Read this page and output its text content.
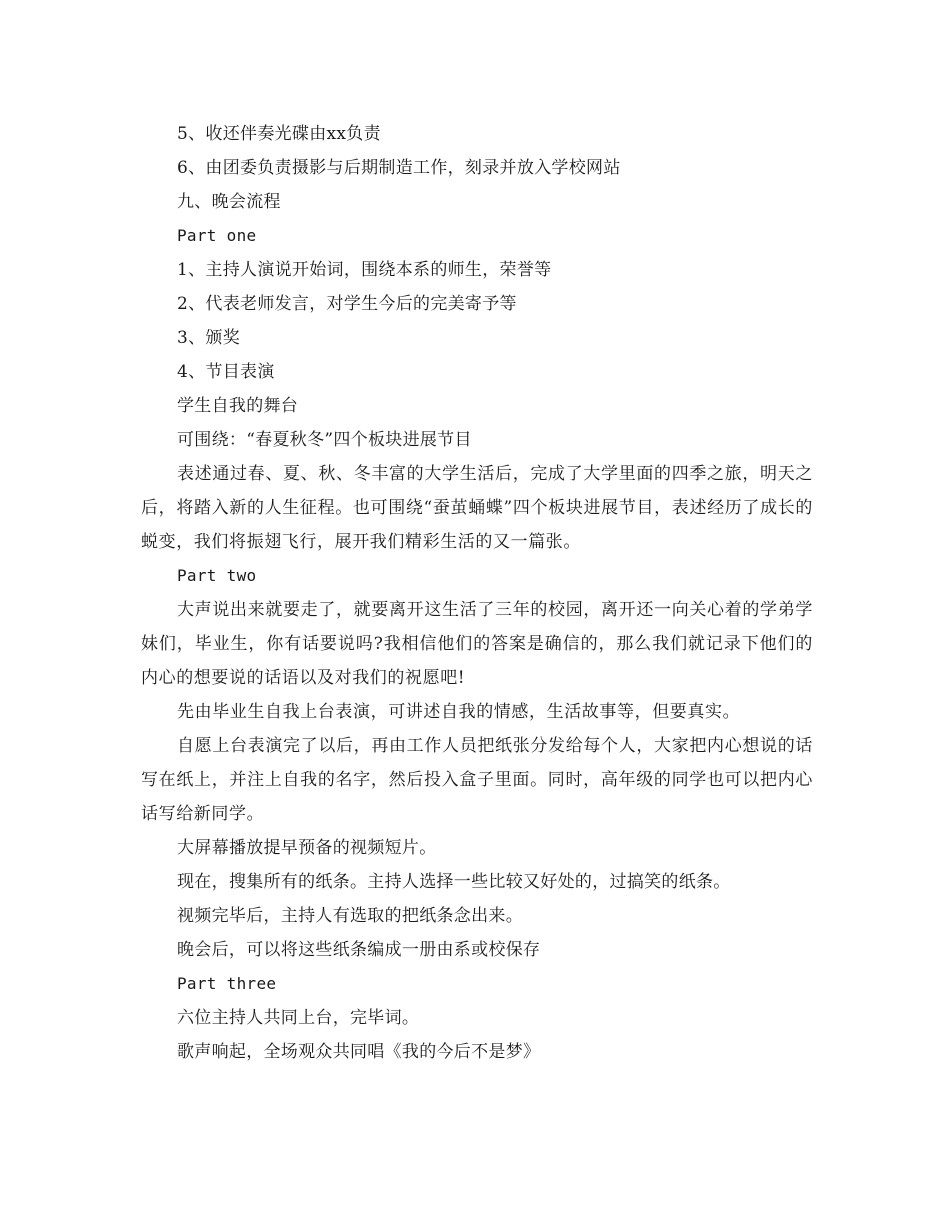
5、收还伴奏光碟由xx负责
6、由团委负责摄影与后期制造工作，刻录并放入学校网站
九、晚会流程
Part one
1、主持人演说开始词，围绕本系的师生，荣誉等
2、代表老师发言，对学生今后的完美寄予等
3、颁奖
4、节目表演
学生自我的舞台
可围绕：“春夏秋冬”四个板块进展节目

表述通过春、夏、秋、冬丰富的大学生活后，完成了大学里面的四季之旅，明天之后，将踏入新的人生征程。也可围绕“蚕茧蛹蝶”四个板块进展节目，表述经历了成长的蜕变，我们将振翅飞行，展开我们精彩生活的又一篇张。

Part two

大声说出来就要走了，就要离开这生活了三年的校园，离开还一向关心着的学弟学妹们，毕业生，你有话要说吗?我相信他们的答案是确信的，那么我们就记录下他们的内心的想要说的话语以及对我们的祝愿吧!

先由毕业生自我上台表演，可讲述自我的情感，生活故事等，但要真实。

自愿上台表演完了以后，再由工作人员把纸张分发给每个人，大家把内心想说的话写在纸上，并注上自我的名字，然后投入盒子里面。同时，高年级的同学也可以把内心话写给新同学。

大屏幕播放提早预备的视频短片。
现在，搜集所有的纸条。主持人选择一些比较又好处的，过搞笑的纸条。
视频完毕后，主持人有选取的把纸条念出来。
晚会后，可以将这些纸条编成一册由系或校保存
Part three
六位主持人共同上台，完毕词。
歌声响起，全场观众共同唱《我的今后不是梦》
